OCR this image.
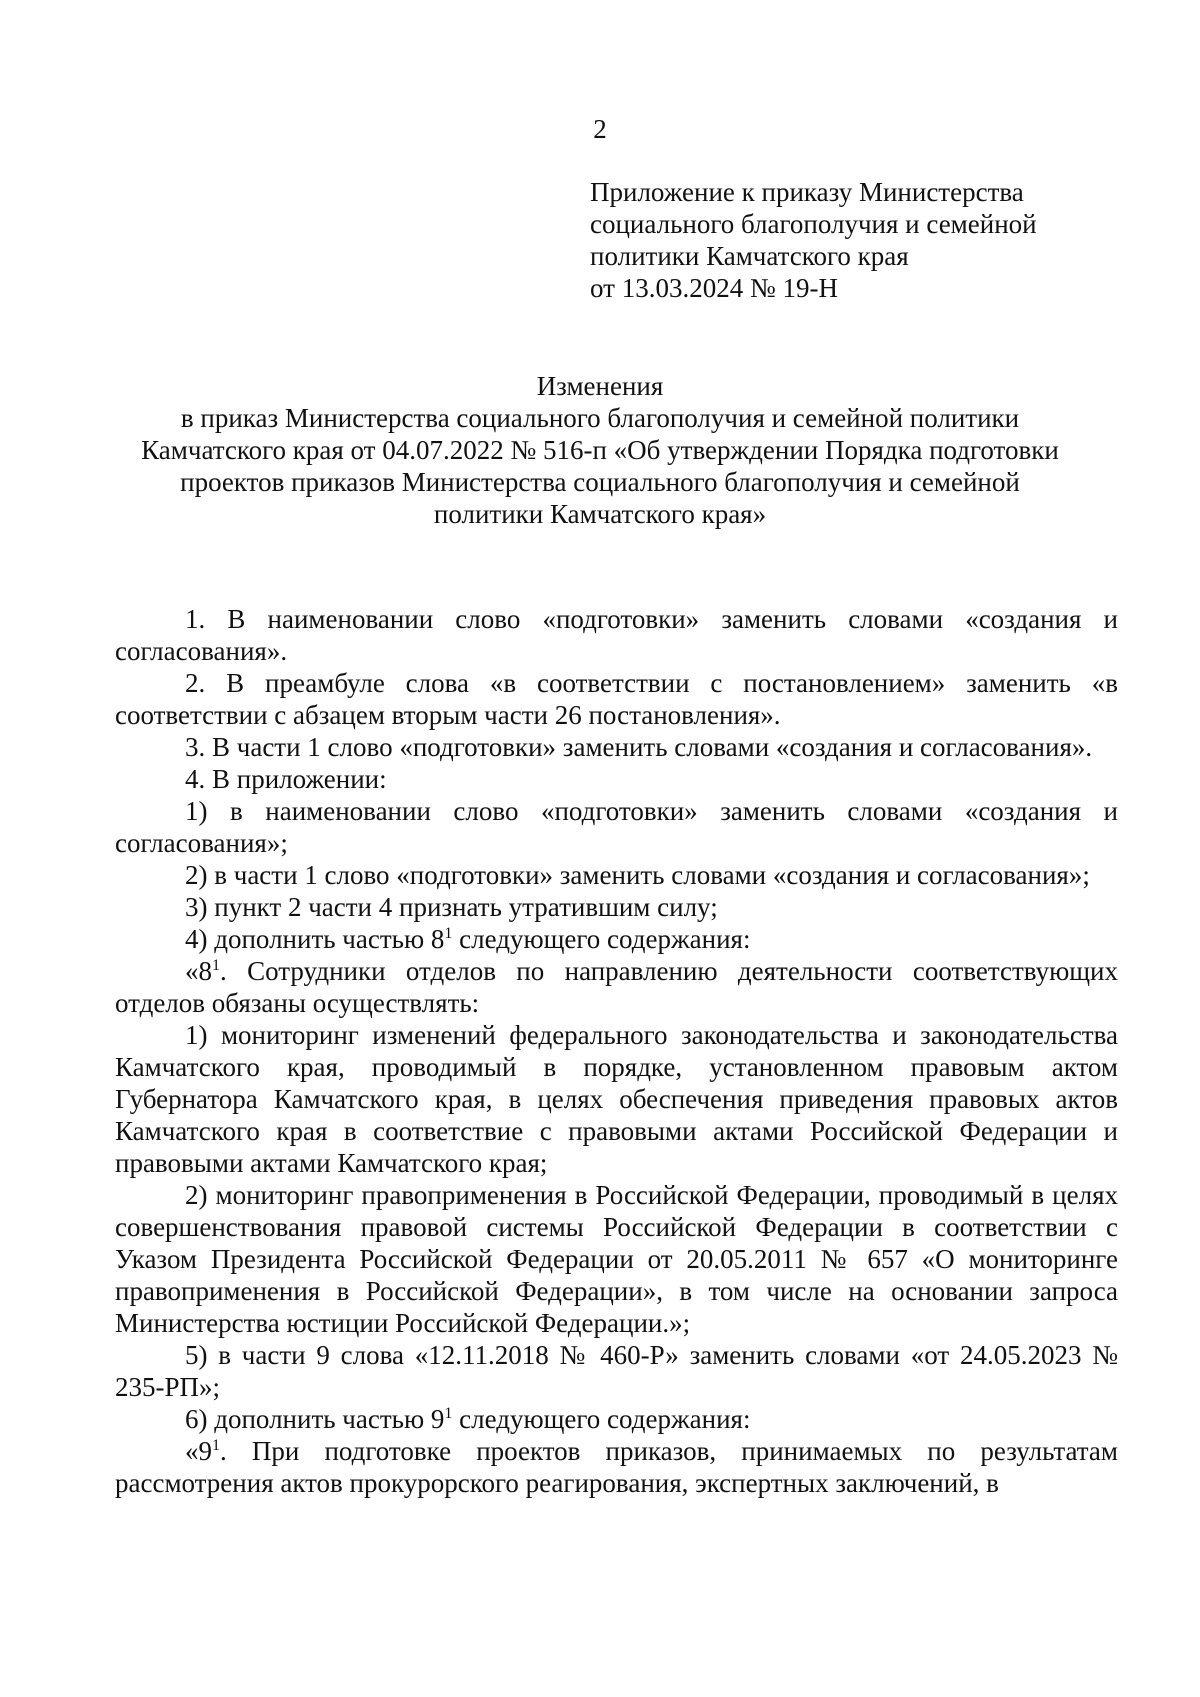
2
Приложение к приказу Министерства
социального благополучия и семейной
политики Камчатского края
от 13.03.2024 № 19-Н
Изменения
в приказ Министерства социального благополучия и семейной политики
Камчатского края от 04.07.2022 № 516-п «Об утверждении Порядка подготовки
проектов приказов Министерства социального благополучия и семейной
политики Камчатского края»

1. В наименовании слово «подготовки» заменить словами «создания и согласования».

2. В преамбуле слова «в соответствии с постановлением» заменить «в соответствии с абзацем вторым части 26 постановления».

3. В части 1 слово «подготовки» заменить словами «создания и согласования».

4. В приложении:

1) в наименовании слово «подготовки» заменить словами «создания и согласования»;

2) в части 1 слово «подготовки» заменить словами «создания и согласования»;

3) пункт 2 части 4 признать утратившим силу;

4) дополнить частью $8^1$ следующего содержания:

«$8^1$. Сотрудники отделов по направлению деятельности соответствующих отделов обязаны осуществлять:

1) мониторинг изменений федерального законодательства и законодательства Камчатского края, проводимый в порядке, установленном правовым актом Губернатора Камчатского края, в целях обеспечения приведения правовых актов Камчатского края в соответствие с правовыми актами Российской Федерации и правовыми актами Камчатского края;

2) мониторинг правоприменения в Российской Федерации, проводимый в целях совершенствования правовой системы Российской Федерации в соответствии с Указом Президента Российской Федерации от 20.05.2011 № 657 «О мониторинге правоприменения в Российской Федерации», в том числе на основании запроса Министерства юстиции Российской Федерации.»;

5) в части 9 слова «12.11.2018 № 460-Р» заменить словами «от 24.05.2023 № 235-РП»;

6) дополнить частью $9^1$ следующего содержания:

«$9^1$. При подготовке проектов приказов, принимаемых по результатам рассмотрения актов прокурорского реагирования, экспертных заключений, в
